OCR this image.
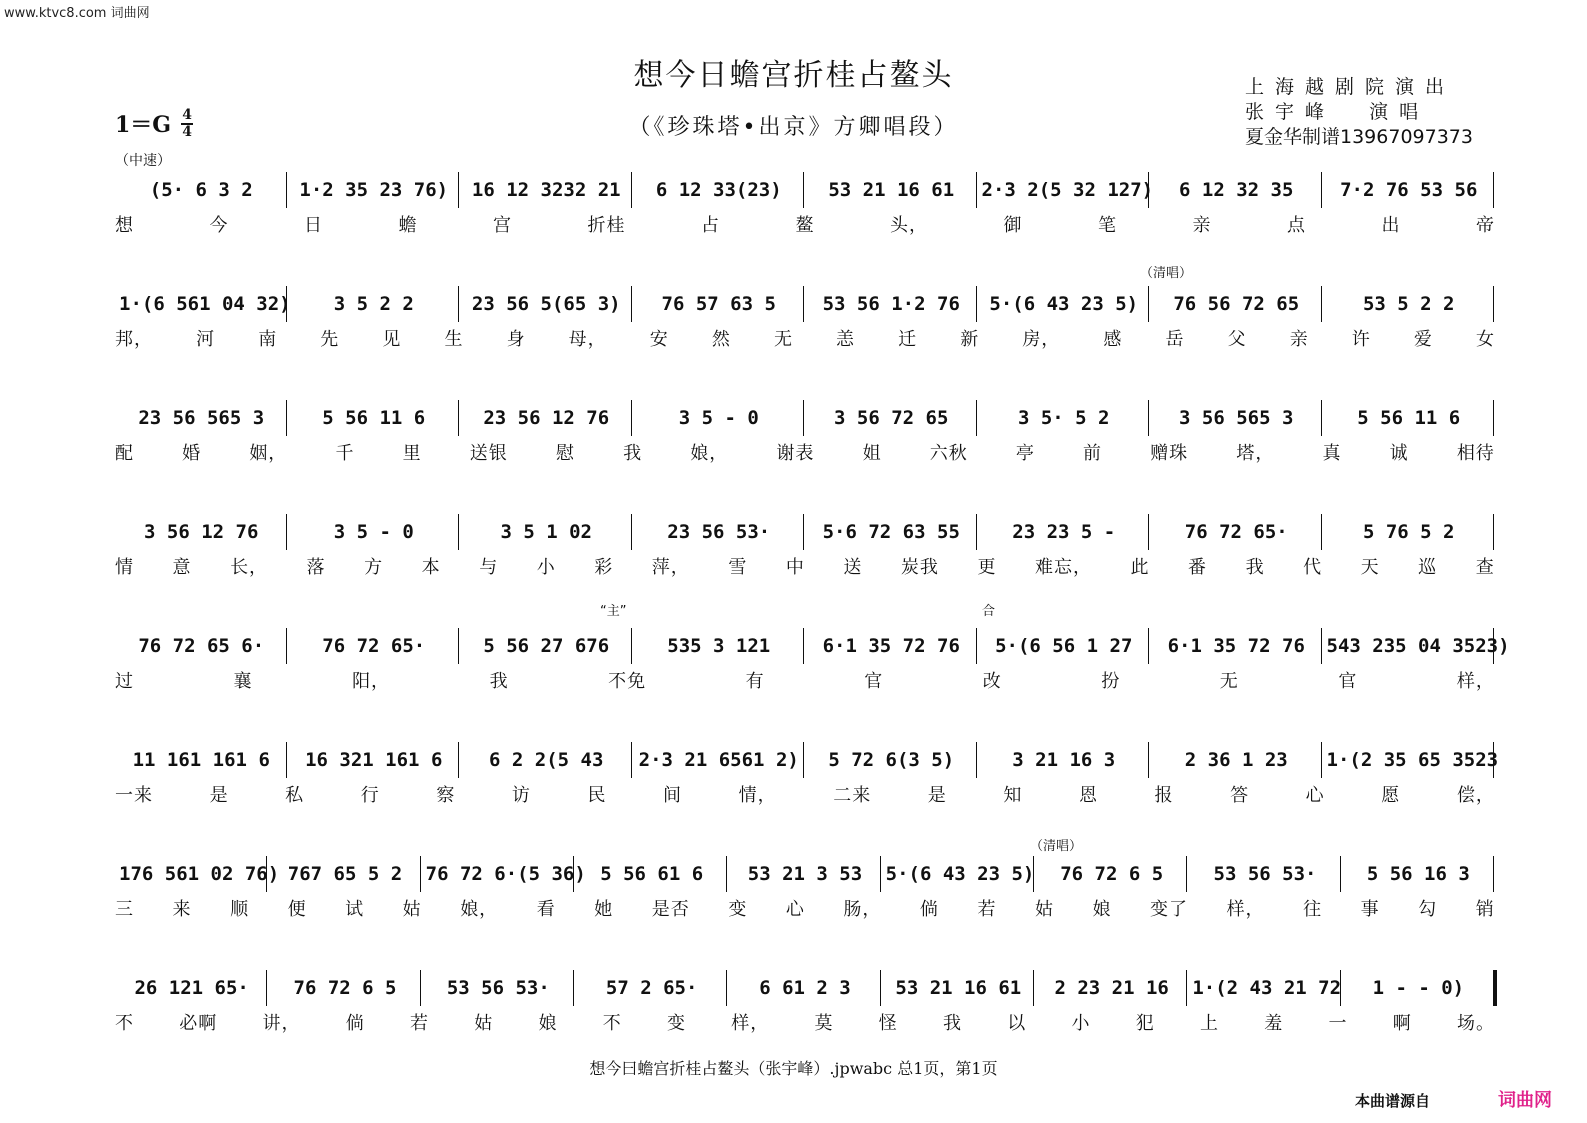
www.ktvc8.com 词曲网
想今日蟾宫折桂占鳌头
（《珍珠塔•出京》方卿唱段）
1＝G 4
4
上海越剧院演出
张宇峰  演唱
夏金华制谱13967097373
（中速）
（清唱）
“主”	合
（清唱）
(5· 6 3 2	1·2 35 23 76)	16 12 3232 21	6 12 33(23)	53 21 16 61	2·3 2(5 32 127)	6 12 32 35	7·2 76 53 56
想	今	日	蟾	宫	折桂	占	鳌	头，	御	笔	亲	点	出	帝
1·(6 561 04 32)	3 5 2 2	23 56 5(65 3)	76 57 63 5	53 56 1·2 76	5·(6 43 23 5)	76 56 72 65	53 5 2 2
邦， 河 南 先 见 生 身 母， 安 然 无 恙 迁 新 房， 感 岳 父 亲 许 爱 女
23 56 565 3	5 56 11 6	23 56 12 76	3 5 - 0	3 56 72 65	3 5· 5 2	3 56 565 3	5 56 11 6
配	婚	姻，	千	里	送银	慰	我	娘，	谢表	姐	六秋	亭	前	赠珠	塔，	真	诚	相待
3 56 12 76	3 5 - 0	3 5 1 02	23 56 53·	5·6 72 63 55	23 23 5 -	76 72 65·	5 76 5 2
情 意 长， 落 方 本 与 小 彩 萍， 雪 中 送 炭我 更 难忘， 此 番 我 代 天 巡 查
76 72 65 6·	76 72 65·	5 56 27 676	535 3 121	6·1 35 72 76	5·(6 56 1 27	6·1 35 72 76	543 235 04 3523)
过	襄	阳，	我	不免	有	官	改	扮	无	官	样，
11 161 161 6	16 321 161 6	6 2 2(5 43	2·3 21 6561 2)	5 72 6(3 5)	3 21 16 3	2 36 1 23	1·(2 35 65 3523
一来	是	私	行	察	访	民	间	情，	二来	是	知	恩	报	答	心	愿	偿，
176 561 02 76) 767 65 5 2	76 72 6·(5 36) 5 56 61 6	53 21 3 53	5·(6 43 23 5)	76 72 6 5	53 56 53·	5 56 16 3
三 来 顺 便 试 姑 娘， 看 她 是否 变 心 肠， 倘 若 姑 娘 变了 样， 往 事 勾 销
26 121 65·	76 72 6 5	53 56 53·	57 2 65·	6 61 2 3	53 21 16 61	2 23 21 16	1·(2 43 21 72	1 - - 0)
不	必啊	讲，	倘	若	姑	娘	不	变	样，	莫	怪	我	以	小	犯	上	羞	一	啊	场。
想今曰蟾宫折桂占鳌头（张宇峰）.jpwabc 总1页，第1页
本曲谱源自	词曲网
